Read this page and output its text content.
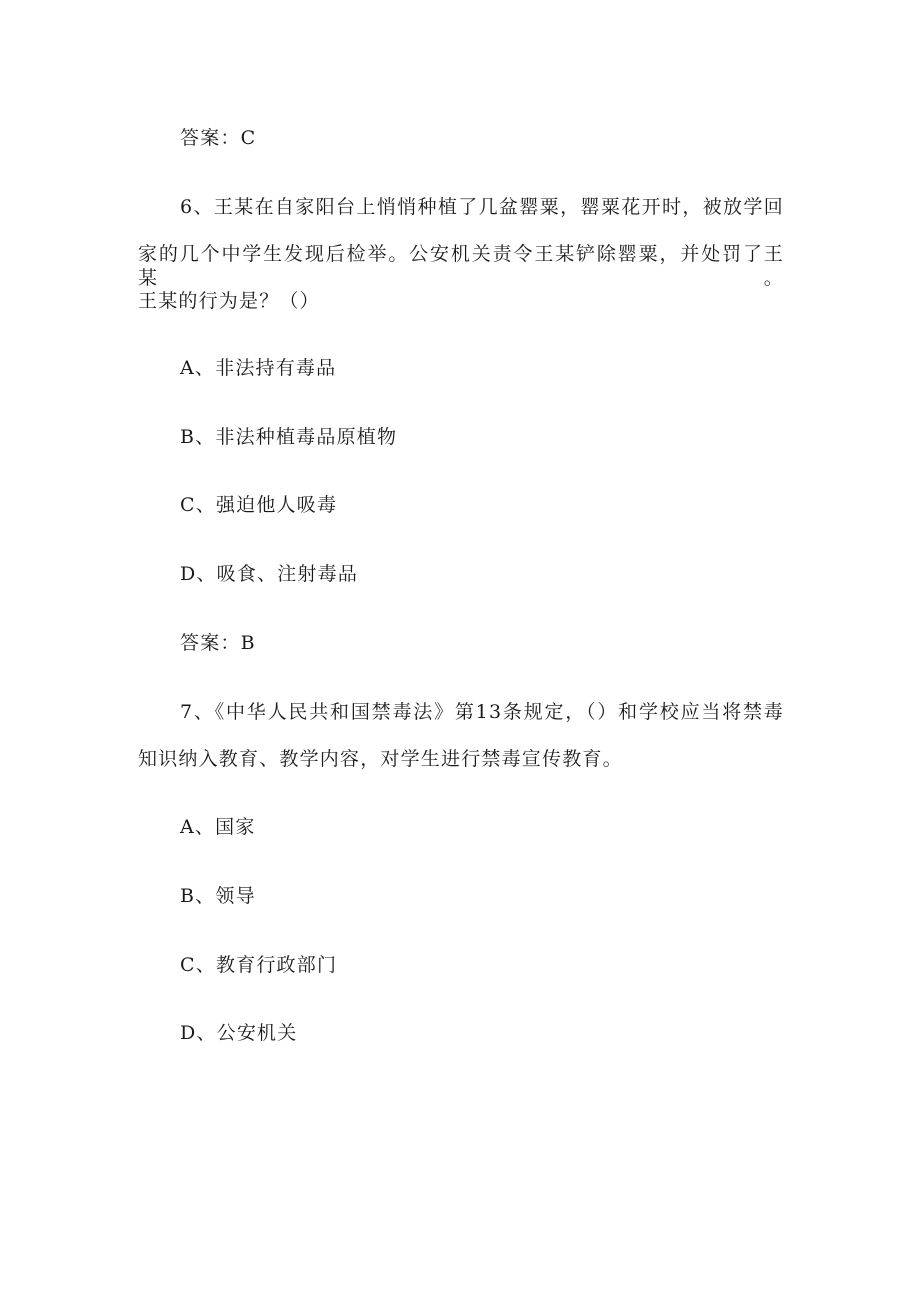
答案：C
6、王某在自家阳台上悄悄种植了几盆罂粟，罂粟花开时，被放学回
家的几个中学生发现后检举。公安机关责令王某铲除罂粟，并处罚了王某。
王某的行为是？（）
A、非法持有毒品
B、非法种植毒品原植物
C、强迫他人吸毒
D、吸食、注射毒品
答案：B
7、《中华人民共和国禁毒法》第13条规定，（）和学校应当将禁毒
知识纳入教育、教学内容，对学生进行禁毒宣传教育。
A、国家
B、领导
C、教育行政部门
D、公安机关
